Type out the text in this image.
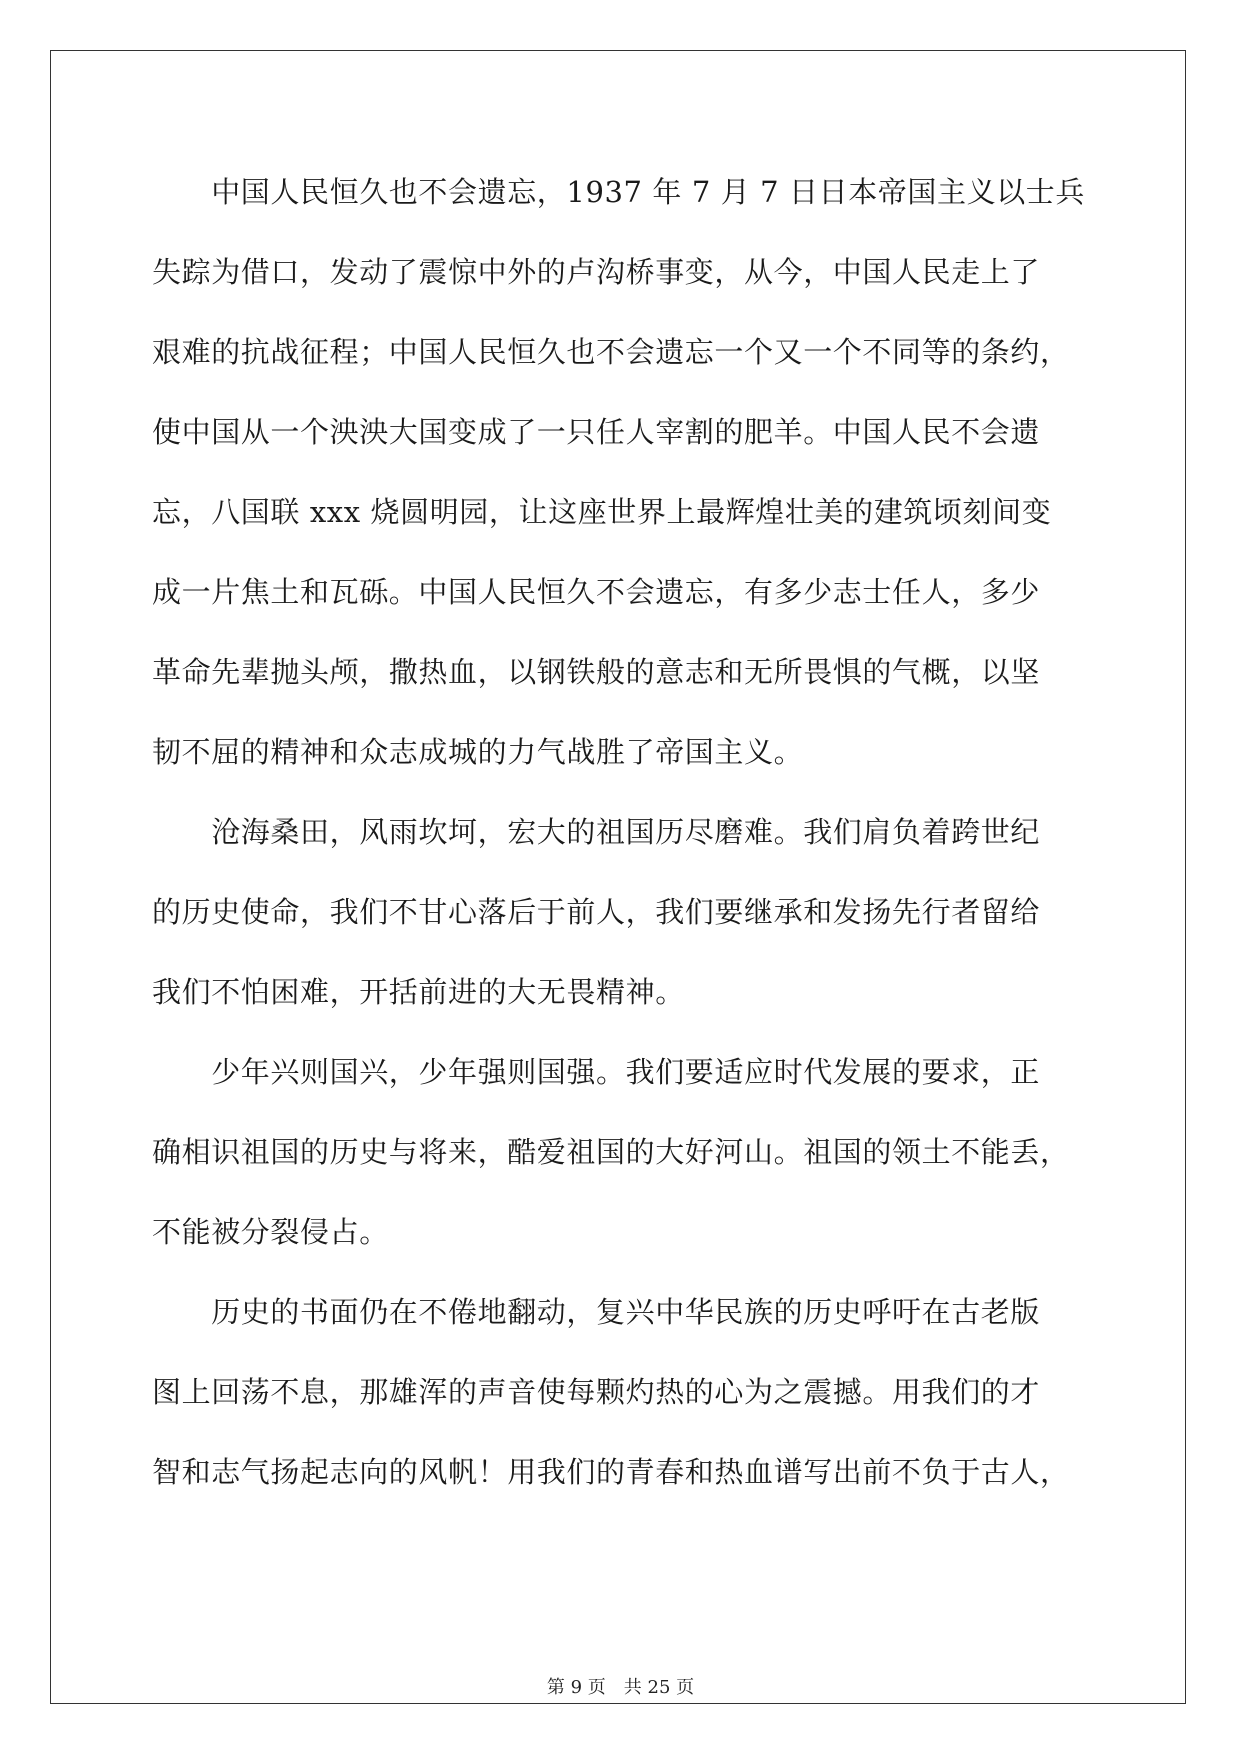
　　中国人民恒久也不会遗忘，1937 年 7 月 7 日日本帝国主义以士兵
失踪为借口，发动了震惊中外的卢沟桥事变，从今，中国人民走上了
艰难的抗战征程；中国人民恒久也不会遗忘一个又一个不同等的条约，
使中国从一个泱泱大国变成了一只任人宰割的肥羊。中国人民不会遗
忘，八国联 xxx 烧圆明园，让这座世界上最辉煌壮美的建筑顷刻间变
成一片焦土和瓦砾。中国人民恒久不会遗忘，有多少志士任人，多少
革命先辈抛头颅，撒热血，以钢铁般的意志和无所畏惧的气概，以坚
韧不屈的精神和众志成城的力气战胜了帝国主义。
　　沧海桑田，风雨坎坷，宏大的祖国历尽磨难。我们肩负着跨世纪
的历史使命，我们不甘心落后于前人，我们要继承和发扬先行者留给
我们不怕困难，开括前进的大无畏精神。
　　少年兴则国兴，少年强则国强。我们要适应时代发展的要求，正
确相识祖国的历史与将来，酷爱祖国的大好河山。祖国的领土不能丢，
不能被分裂侵占。
　　历史的书面仍在不倦地翻动，复兴中华民族的历史呼吁在古老版
图上回荡不息，那雄浑的声音使每颗灼热的心为之震撼。用我们的才
智和志气扬起志向的风帆！用我们的青春和热血谱写出前不负于古人，
第 9 页　共 25 页
